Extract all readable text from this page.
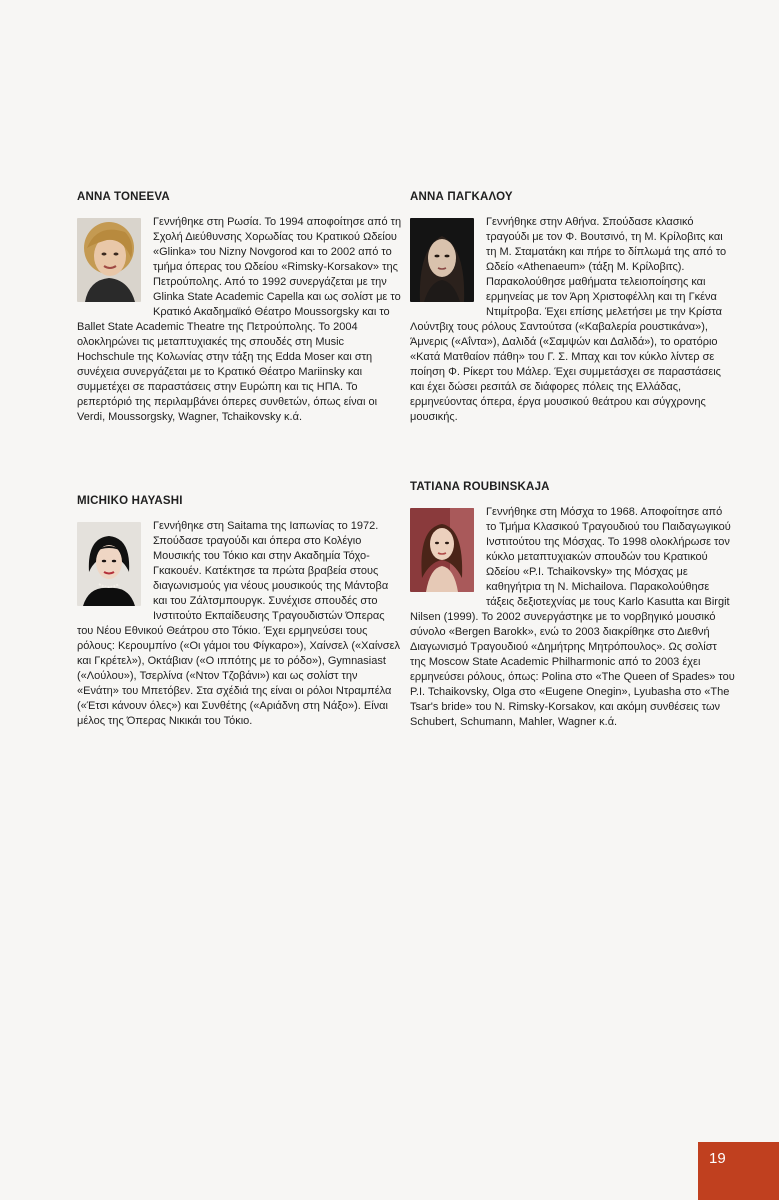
ANNA TONEEVA

Γεννήθηκε στη Ρωσία. Το 1994 αποφοίτησε από τη Σχολή Διεύθυνσης Χορωδίας του Κρατικού Ωδείου «Glinka» του Nizny Novgorod και το 2002 από το τμήμα όπερας του Ωδείου «Rimsky-Korsakov» της Πετρούπολης. Από το 1992 συνεργάζεται με την Glinka State Academic Capella και ως σολίστ με το Κρατικό Ακαδημαϊκό Θέατρο Moussorgsky και το Ballet State Academic Theatre της Πετρούπολης. Το 2004 ολοκληρώνει τις μεταπτυχιακές της σπουδές στη Music Hochschule της Κολωνίας στην τάξη της Edda Moser και στη συνέχεια συνεργάζεται με το Κρατικό Θέατρο Mariinsky και συμμετέχει σε παραστάσεις στην Ευρώπη και τις ΗΠΑ. Το ρεπερτόριό της περιλαμβάνει όπερες συνθετών, όπως είναι οι Verdi, Moussorgsky, Wagner, Tchaikovsky κ.ά.

ΑΝΝΑ ΠΑΓΚΑΛΟΥ

Γεννήθηκε στην Αθήνα. Σπούδασε κλασικό τραγούδι με τον Φ. Βουτσινό, τη Μ. Κρίλοβιτς και τη Μ. Σταματάκη και πήρε το δίπλωμά της από το Ωδείο «Athenaeum» (τάξη Μ. Κρίλοβιτς). Παρακολούθησε μαθήματα τελειοποίησης και ερμηνείας με τον Άρη Χριστοφέλλη και τη Γκένα Ντιμίτροβα. Έχει επίσης μελετήσει με την Κρίστα Λούντβιχ τους ρόλους Σαντούτσα («Καβαλερία ρουστικάνα»), Άμνερις («Αΐντα»), Δαλιδά («Σαμψών και Δαλιδά»), το ορατόριο «Κατά Ματθαίον πάθη» του Γ. Σ. Μπαχ και τον κύκλο λίντερ σε ποίηση Φ. Ρίκερτ του Μάλερ. Έχει συμμετάσχει σε παραστάσεις και έχει δώσει ρεσιτάλ σε διάφορες πόλεις της Ελλάδας, ερμηνεύοντας όπερα, έργα μουσικού θεάτρου και σύγχρονης μουσικής.

MICHIKO HAYASHI

Γεννήθηκε στη Saitama της Ιαπωνίας το 1972. Σπούδασε τραγούδι και όπερα στο Κολέγιο Μουσικής του Τόκιο και στην Ακαδημία Τόχο-Γκακουέν. Κατέκτησε τα πρώτα βραβεία στους διαγωνισμούς για νέους μουσικούς της Μάντοβα και του Ζάλτσμπουργκ. Συνέχισε σπουδές στο Ινστιτούτο Εκπαίδευσης Τραγουδιστών Όπερας του Νέου Εθνικού Θεάτρου στο Τόκιο. Έχει ερμηνεύσει τους ρόλους: Κερουμπίνο («Οι γάμοι του Φίγκαρο»), Χαίνσελ («Χαίνσελ και Γκρέτελ»), Οκτάβιαν («Ο ιππότης με το ρόδο»), Gymnasiast («Λούλου»), Τσερλίνα («Ντον Τζοβάνι») και ως σολίστ την «Ενάτη» του Μπετόβεν. Στα σχέδιά της είναι οι ρόλοι Ντραμπέλα («Έτσι κάνουν όλες») και Συνθέτης («Αριάδνη στη Νάξο»). Είναι μέλος της Όπερας Νικικάι του Τόκιο.

TATIANA ROUBINSKAJA

Γεννήθηκε στη Μόσχα το 1968. Αποφοίτησε από το Τμήμα Κλασικού Τραγουδιού του Παιδαγωγικού Ινστιτούτου της Μόσχας. Το 1998 ολοκλήρωσε τον κύκλο μεταπτυχιακών σπουδών του Κρατικού Ωδείου «P.I. Tchaikovsky» της Μόσχας με καθηγήτρια τη N. Michailova. Παρακολούθησε τάξεις δεξιοτεχνίας με τους Karlo Kasutta και Birgit Nilsen (1999). Το 2002 συνεργάστηκε με το νορβηγικό μουσικό σύνολο «Bergen Barokk», ενώ το 2003 διακρίθηκε στο Διεθνή Διαγωνισμό Τραγουδιού «Δημήτρης Μητρόπουλος». Ως σολίστ της Moscow State Academic Philharmonic από το 2003 έχει ερμηνεύσει ρόλους, όπως: Polina στο «The Queen of Spades» του P.I. Tchaikovsky, Olga στο «Eugene Onegin», Lyubasha στο «The Tsar's bride» του N. Rimsky-Korsakov, και ακόμη συνθέσεις των Schubert, Schumann, Mahler, Wagner κ.ά.

19
